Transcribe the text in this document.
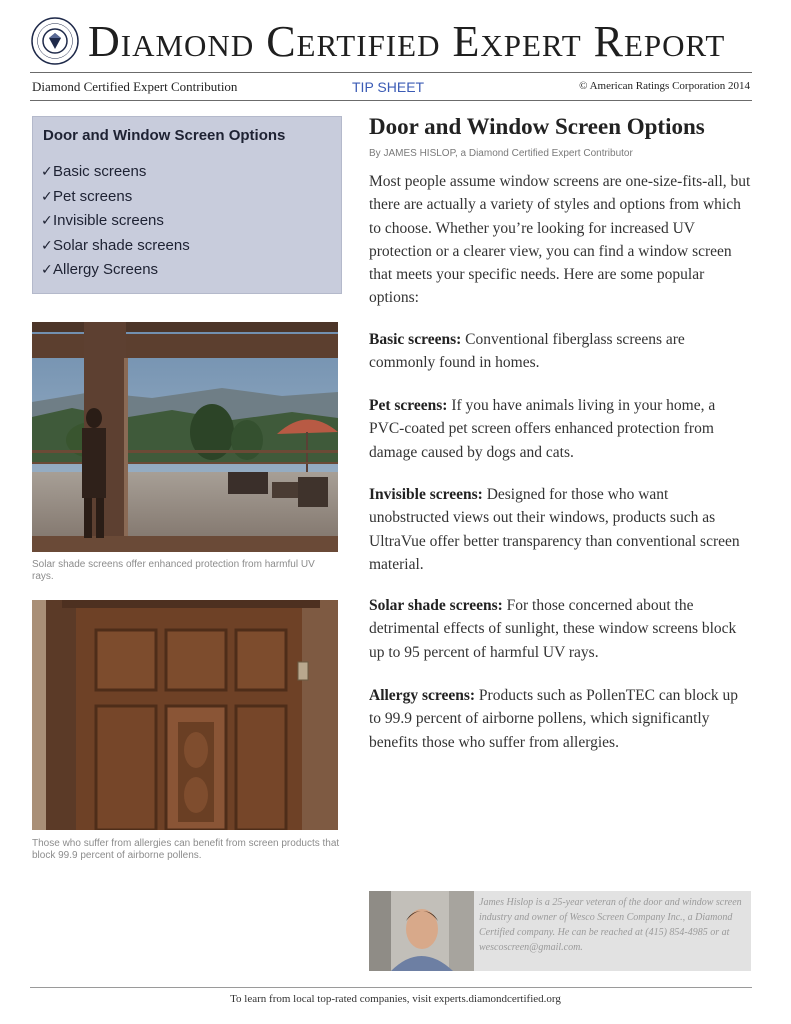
Diamond Certified Expert Report
Diamond Certified Expert Contribution	TIP SHEET	© American Ratings Corporation 2014
Door and Window Screen Options
✓Basic screens
✓Pet screens
✓Invisible screens
✓Solar shade screens
✓Allergy Screens
Solar shade screens offer enhanced protection from harmful UV rays.
Those who suffer from allergies can benefit from screen products that block 99.9 percent of airborne pollens.
Door and Window Screen Options
By JAMES HISLOP, a Diamond Certified Expert Contributor
Most people assume window screens are one-size-fits-all, but there are actually a variety of styles and options from which to choose. Whether you’re looking for increased UV protection or a clearer view, you can find a window screen that meets your specific needs. Here are some popular options:
Basic screens: Conventional fiberglass screens are commonly found in homes.
Pet screens: If you have animals living in your home, a PVC-coated pet screen offers enhanced protection from damage caused by dogs and cats.
Invisible screens: Designed for those who want unobstructed views out their windows, products such as UltraVue offer better transparency than conventional screen material.
Solar shade screens: For those concerned about the detrimental effects of sunlight, these window screens block up to 95 percent of harmful UV rays.
Allergy screens: Products such as PollenTEC can block up to 99.9 percent of airborne pollens, which significantly benefits those who suffer from allergies.
James Hislop is a 25-year veteran of the door and window screen industry and owner of Wesco Screen Company Inc., a Diamond Certified company. He can be reached at (415) 854-4985 or at wescoscreen@gmail.com.
To learn from local top-rated companies, visit experts.diamondcertified.org
